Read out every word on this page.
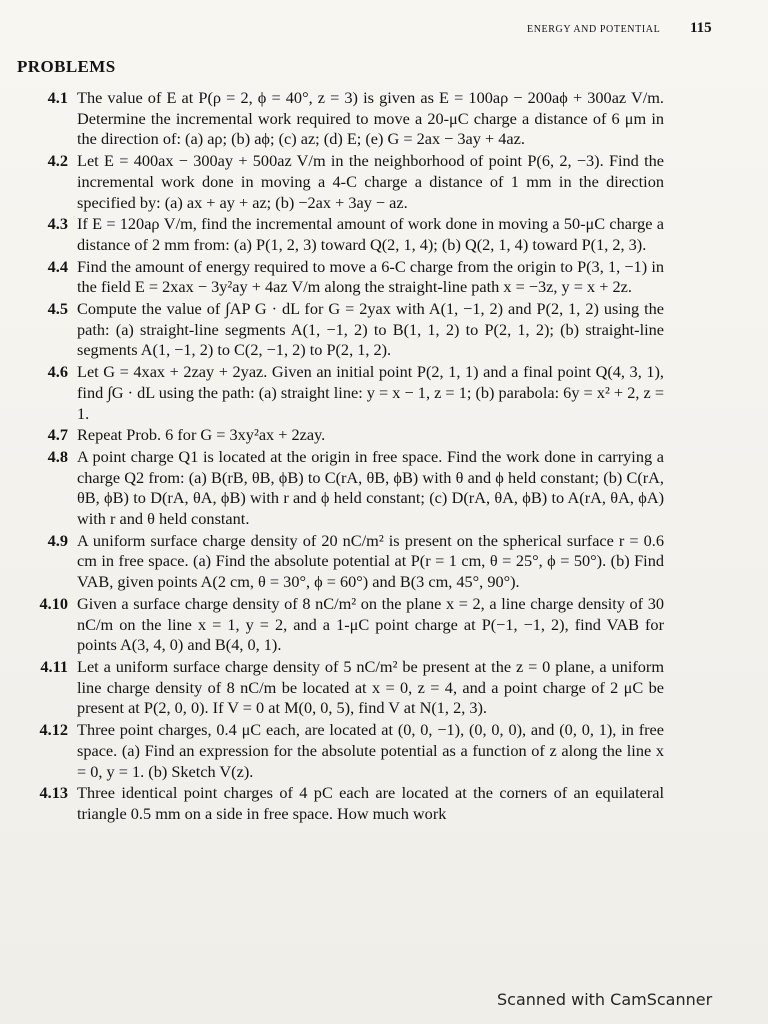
ENERGY AND POTENTIAL 115
PROBLEMS
4.1 The value of E at P(ρ = 2, ϕ = 40°, z = 3) is given as E = 100aρ − 200aϕ + 300az V/m. Determine the incremental work required to move a 20-μC charge a distance of 6 μm in the direction of: (a) aρ; (b) aϕ; (c) az; (d) E; (e) G = 2ax − 3ay + 4az.
4.2 Let E = 400ax − 300ay + 500az V/m in the neighborhood of point P(6, 2, −3). Find the incremental work done in moving a 4-C charge a distance of 1 mm in the direction specified by: (a) ax + ay + az; (b) −2ax + 3ay − az.
4.3 If E = 120aρ V/m, find the incremental amount of work done in moving a 50-μC charge a distance of 2 mm from: (a) P(1, 2, 3) toward Q(2, 1, 4); (b) Q(2, 1, 4) toward P(1, 2, 3).
4.4 Find the amount of energy required to move a 6-C charge from the origin to P(3, 1, −1) in the field E = 2xax − 3y²ay + 4az V/m along the straight-line path x = −3z, y = x + 2z.
4.5 Compute the value of ∫AP G · dL for G = 2yax with A(1, −1, 2) and P(2, 1, 2) using the path: (a) straight-line segments A(1, −1, 2) to B(1, 1, 2) to P(2, 1, 2); (b) straight-line segments A(1, −1, 2) to C(2, −1, 2) to P(2, 1, 2).
4.6 Let G = 4xax + 2zay + 2yaz. Given an initial point P(2, 1, 1) and a final point Q(4, 3, 1), find ∫G · dL using the path: (a) straight line: y = x − 1, z = 1; (b) parabola: 6y = x² + 2, z = 1.
4.7 Repeat Prob. 6 for G = 3xy²ax + 2zay.
4.8 A point charge Q1 is located at the origin in free space. Find the work done in carrying a charge Q2 from: (a) B(rB, θB, ϕB) to C(rA, θB, ϕB) with θ and ϕ held constant; (b) C(rA, θB, ϕB) to D(rA, θA, ϕB) with r and ϕ held constant; (c) D(rA, θA, ϕB) to A(rA, θA, ϕA) with r and θ held constant.
4.9 A uniform surface charge density of 20 nC/m² is present on the spherical surface r = 0.6 cm in free space. (a) Find the absolute potential at P(r = 1 cm, θ = 25°, ϕ = 50°). (b) Find VAB, given points A(2 cm, θ = 30°, ϕ = 60°) and B(3 cm, 45°, 90°).
4.10 Given a surface charge density of 8 nC/m² on the plane x = 2, a line charge density of 30 nC/m on the line x = 1, y = 2, and a 1-μC point charge at P(−1, −1, 2), find VAB for points A(3, 4, 0) and B(4, 0, 1).
4.11 Let a uniform surface charge density of 5 nC/m² be present at the z = 0 plane, a uniform line charge density of 8 nC/m be located at x = 0, z = 4, and a point charge of 2 μC be present at P(2, 0, 0). If V = 0 at M(0, 0, 5), find V at N(1, 2, 3).
4.12 Three point charges, 0.4 μC each, are located at (0, 0, −1), (0, 0, 0), and (0, 0, 1), in free space. (a) Find an expression for the absolute potential as a function of z along the line x = 0, y = 1. (b) Sketch V(z).
4.13 Three identical point charges of 4 pC each are located at the corners of an equilateral triangle 0.5 mm on a side in free space. How much work
Scanned with CamScanner
